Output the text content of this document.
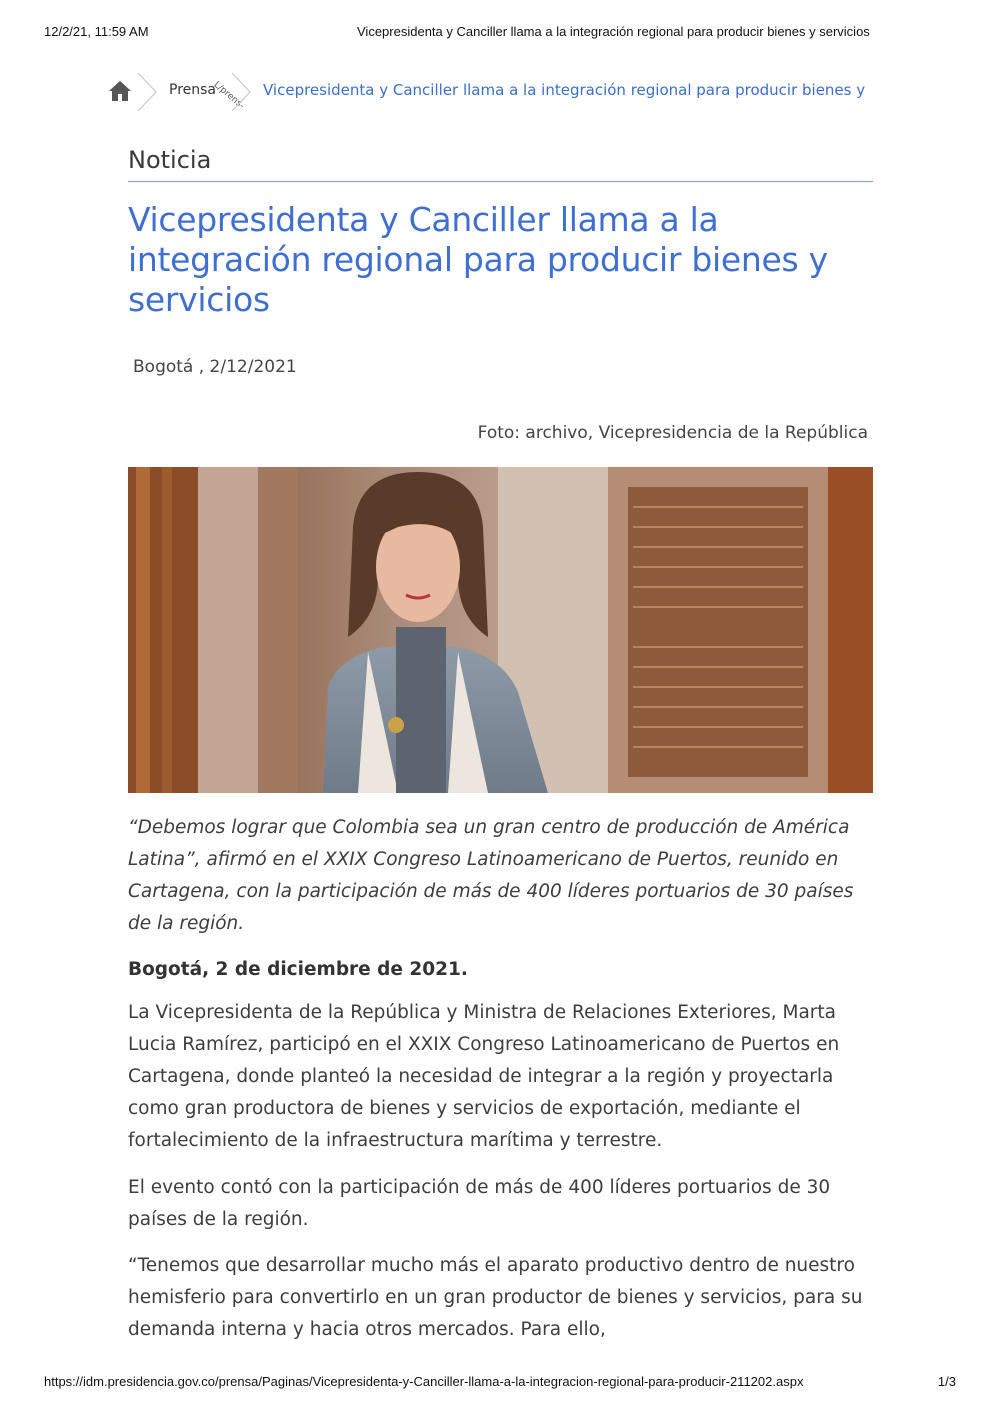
12/2/21, 11:59 AM	Vicepresidenta y Canciller llama a la integración regional para producir bienes y servicios
Prensa
L/prens- Vicepresidenta y Canciller llama a la integración regional para producir bienes y
Noticia
Vicepresidenta y Canciller llama a la integración regional para producir bienes y servicios
Bogotá , 2/12/2021
Foto: archivo, Vicepresidencia de la República

“Debemos lograr que Colombia sea un gran centro de producción de América Latina”, afirmó en el XXIX Congreso Latinoamericano de Puertos, reunido en Cartagena, con la participación de más de 400 líderes portuarios de 30 países de la región.

Bogotá, 2 de diciembre de 2021.

La Vicepresidenta de la República y Ministra de Relaciones Exteriores, Marta Lucia Ramírez, participó en el XXIX Congreso Latinoamericano de Puertos en Cartagena, donde planteó la necesidad de integrar a la región y proyectarla como gran productora de bienes y servicios de exportación, mediante el fortalecimiento de la infraestructura marítima y terrestre.

El evento contó con la participación de más de 400 líderes portuarios de 30 países de la región.

“Tenemos que desarrollar mucho más el aparato productivo dentro de nuestro hemisferio para convertirlo en un gran productor de bienes y servicios, para su demanda interna y hacia otros mercados. Para ello,

https://idm.presidencia.gov.co/prensa/Paginas/Vicepresidenta-y-Canciller-llama-a-la-integracion-regional-para-producir-211202.aspx	1/3
